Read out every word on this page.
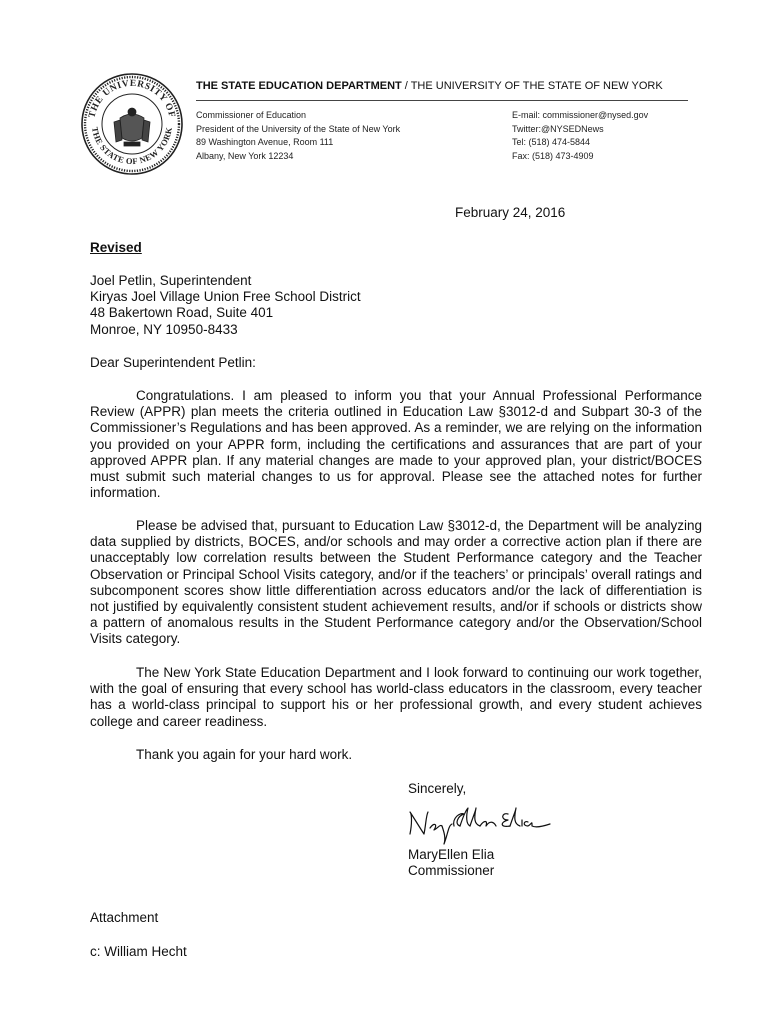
THE UNIVERSITY OF
THE STATE OF NEW YORK
THE STATE EDUCATION DEPARTMENT / THE UNIVERSITY OF THE STATE OF NEW YORK
Commissioner of Education
President of the University of the State of New York
89 Washington Avenue, Room 111
Albany, New York 12234
E-mail: commissioner@nysed.gov
Twitter:@NYSEDNews
Tel: (518) 474-5844
Fax: (518) 473-4909
February 24, 2016
Revised
Joel Petlin, Superintendent
Kiryas Joel Village Union Free School District
48 Bakertown Road, Suite 401
Monroe, NY 10950-8433
Dear Superintendent Petlin:
Congratulations. I am pleased to inform you that your Annual Professional Performance Review (APPR) plan meets the criteria outlined in Education Law §3012-d and Subpart 30-3 of the Commissioner’s Regulations and has been approved. As a reminder, we are relying on the information you provided on your APPR form, including the certifications and assurances that are part of your approved APPR plan. If any material changes are made to your approved plan, your district/BOCES must submit such material changes to us for approval. Please see the attached notes for further information.
Please be advised that, pursuant to Education Law §3012-d, the Department will be analyzing data supplied by districts, BOCES, and/or schools and may order a corrective action plan if there are unacceptably low correlation results between the Student Performance category and the Teacher Observation or Principal School Visits category, and/or if the teachers’ or principals’ overall ratings and subcomponent scores show little differentiation across educators and/or the lack of differentiation is not justified by equivalently consistent student achievement results, and/or if schools or districts show a pattern of anomalous results in the Student Performance category and/or the Observation/School Visits category.
The New York State Education Department and I look forward to continuing our work together, with the goal of ensuring that every school has world-class educators in the classroom, every teacher has a world-class principal to support his or her professional growth, and every student achieves college and career readiness.
Thank you again for your hard work.
Sincerely,
MaryEllen Elia
Commissioner
Attachment
c: William Hecht
